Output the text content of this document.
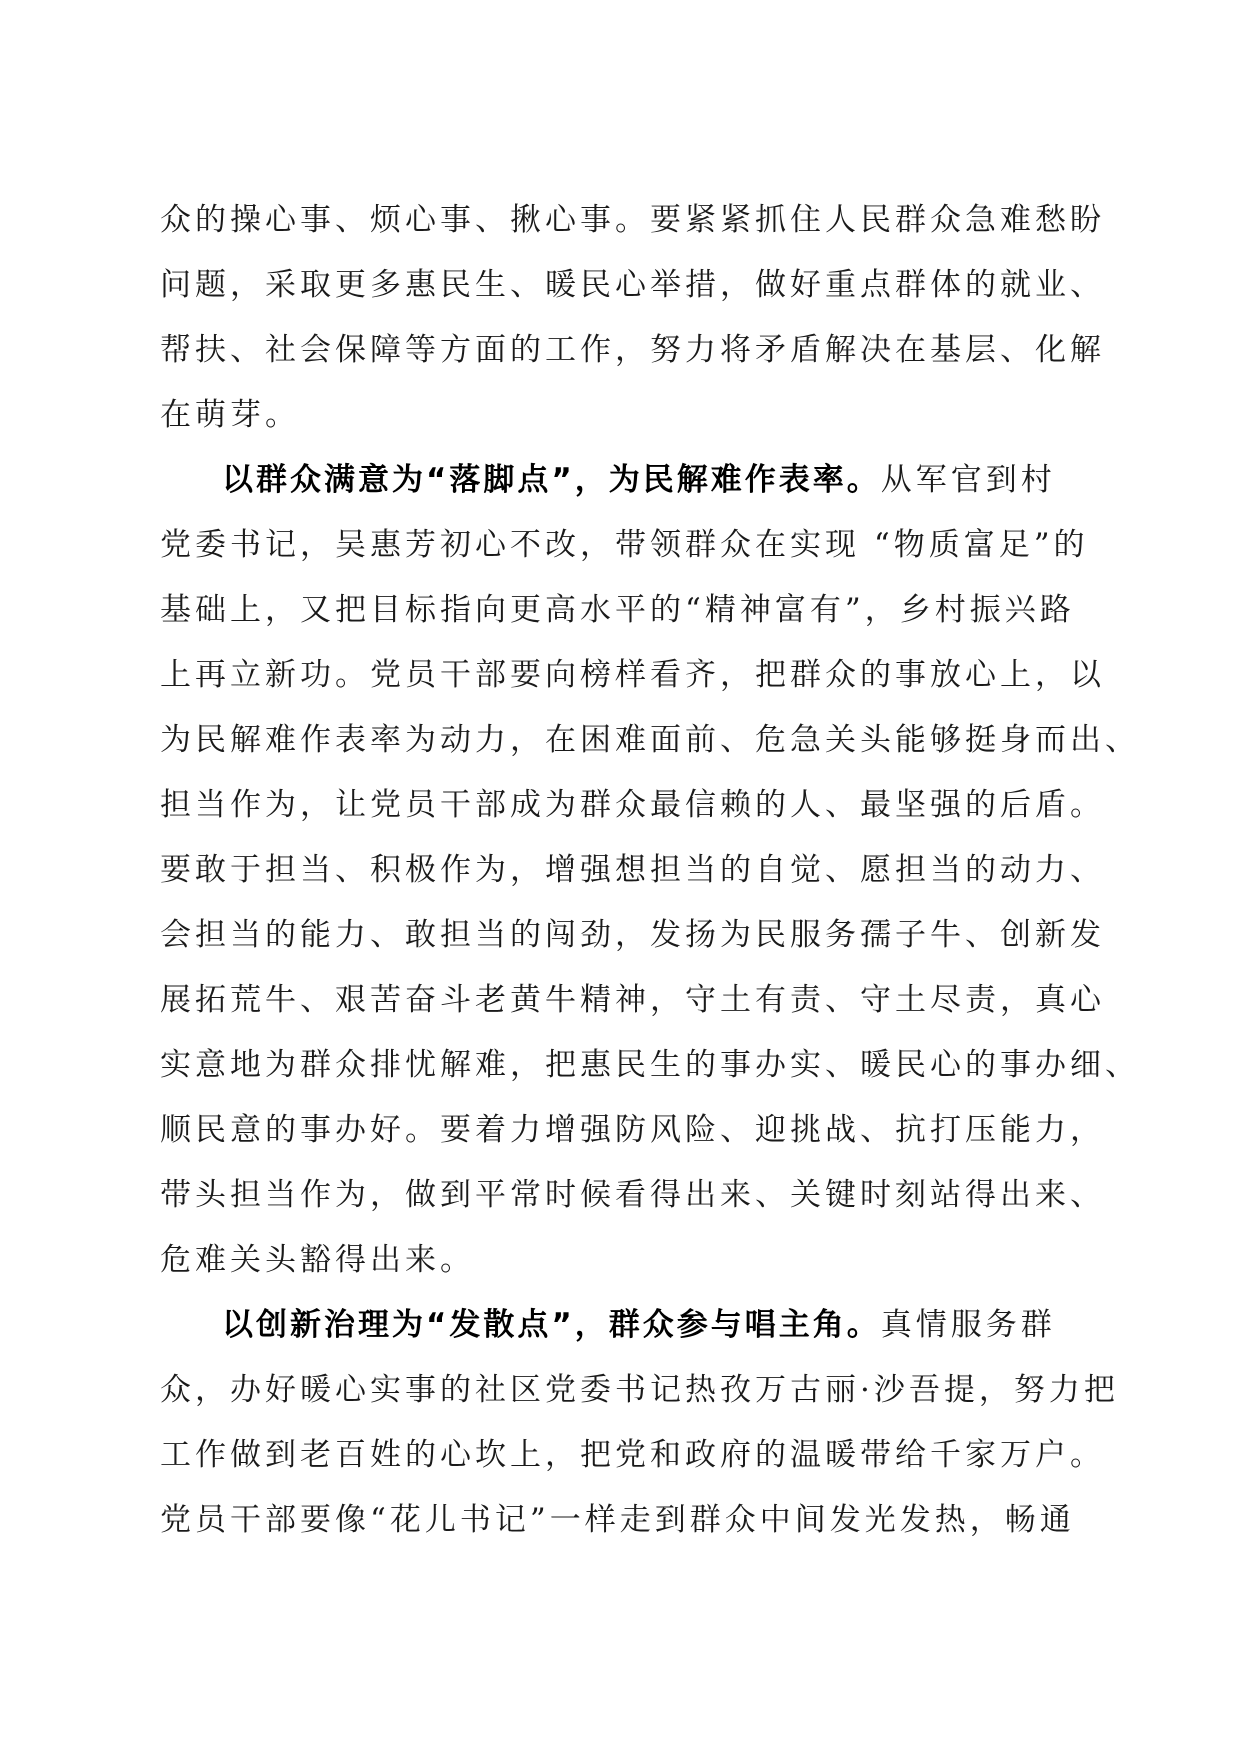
众的操心事、烦心事、揪心事。要紧紧抓住人民群众急难愁盼
问题，采取更多惠民生、暖民心举措，做好重点群体的就业、
帮扶、社会保障等方面的工作，努力将矛盾解决在基层、化解
在萌芽。
以群众满意为“落脚点”，为民解难作表率。从军官到村
党委书记，吴惠芳初心不改，带领群众在实现 “物质富足”的
基础上，又把目标指向更高水平的“精神富有”，乡村振兴路
上再立新功。党员干部要向榜样看齐，把群众的事放心上，以
为民解难作表率为动力，在困难面前、危急关头能够挺身而出、
担当作为，让党员干部成为群众最信赖的人、最坚强的后盾。
要敢于担当、积极作为，增强想担当的自觉、愿担当的动力、
会担当的能力、敢担当的闯劲，发扬为民服务孺子牛、创新发
展拓荒牛、艰苦奋斗老黄牛精神，守土有责、守土尽责，真心
实意地为群众排忧解难，把惠民生的事办实、暖民心的事办细、
顺民意的事办好。要着力增强防风险、迎挑战、抗打压能力，
带头担当作为，做到平常时候看得出来、关键时刻站得出来、
危难关头豁得出来。
以创新治理为“发散点”，群众参与唱主角。真情服务群
众，办好暖心实事的社区党委书记热孜万古丽·沙吾提，努力把
工作做到老百姓的心坎上，把党和政府的温暖带给千家万户。
党员干部要像“花儿书记”一样走到群众中间发光发热，畅通
